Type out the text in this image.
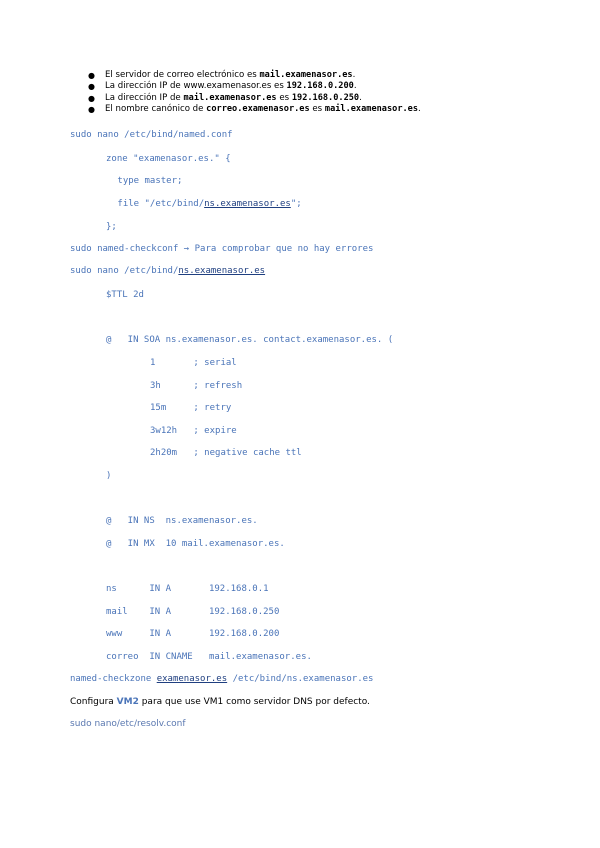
● El servidor de correo electrónico es mail.examenasor.es.
● La dirección IP de www.examenasor.es es 192.168.0.200.
● La dirección IP de mail.examenasor.es es 192.168.0.250.
● El nombre canónico de correo.examenasor.es es mail.examenasor.es.
sudo nano /etc/bind/named.conf
zone "examenasor.es." {
type master;
file "/etc/bind/ns.examenasor.es";
};
sudo named-checkconf → Para comprobar que no hay errores
sudo nano /etc/bind/ns.examenasor.es
$TTL 2d
@   IN SOA ns.examenasor.es. contact.examenasor.es. (
1       ; serial
3h      ; refresh
15m     ; retry
3w12h   ; expire
2h20m   ; negative cache ttl
)
@   IN NS  ns.examenasor.es.
@   IN MX  10 mail.examenasor.es.
ns      IN A       192.168.0.1
mail    IN A       192.168.0.250
www     IN A       192.168.0.200
correo  IN CNAME   mail.examenasor.es.
named-checkzone examenasor.es /etc/bind/ns.examenasor.es
Configura VM2 para que use VM1 como servidor DNS por defecto.
sudo nano/etc/resolv.conf
